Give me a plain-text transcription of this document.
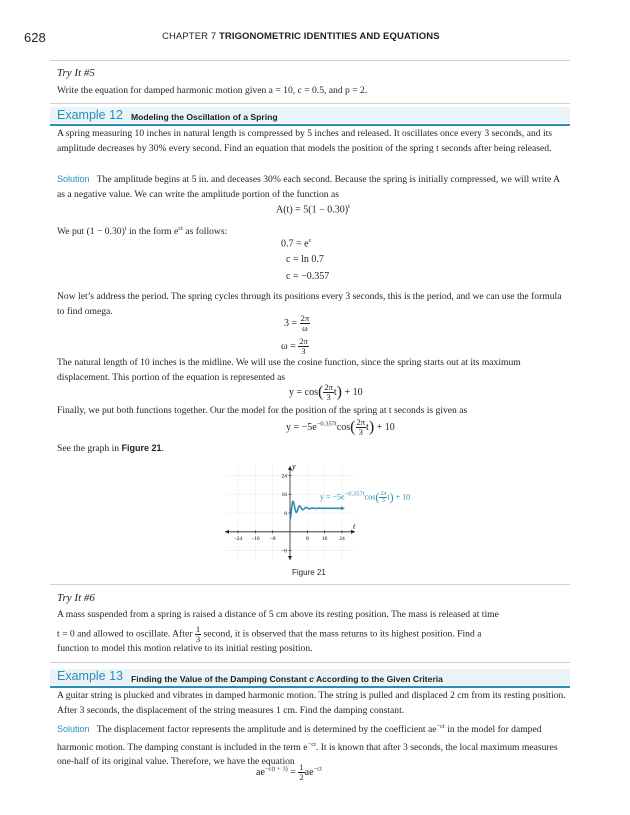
628	CHAPTER 7 TRIGONOMETRIC IDENTITIES AND EQUATIONS
Try It #5
Write the equation for damped harmonic motion given a = 10, c = 0.5, and p = 2.
Example 12 Modeling the Oscillation of a Spring
A spring measuring 10 inches in natural length is compressed by 5 inches and released. It oscillates once every 3 seconds, and its amplitude decreases by 30% every second. Find an equation that models the position of the spring t seconds after being released.
Solution The amplitude begins at 5 in. and deceases 30% each second. Because the spring is initially compressed, we will write A as a negative value. We can write the amplitude portion of the function as
$A(t) = 5(1 - 0.30)^t$
We put $(1 - 0.30)^t$ in the form $e^{ct}$ as follows:
$0.7 = e^c$
c = ln 0.7
c = −0.357
Now let’s address the period. The spring cycles through its positions every 3 seconds, this is the period, and we can use the formula to find omega.
$3 = \frac{2\pi}{\omega}$
$\omega = \frac{2\pi}{3}$
The natural length of 10 inches is the midline. We will use the cosine function, since the spring starts out at its maximum displacement. This portion of the equation is represented as
$y = \cos( \frac{2\pi}{3} t) + 10$
Finally, we put both functions together. Our the model for the position of the spring at t seconds is given as
$y = -5e^{-0.357t}\cos( \frac{2\pi}{3} t) + 10$
See the graph in Figure 21.
−24 −16 −8	8 16 24
24
16
8
−8
t
y
$y = -5e^{-0.357t}\cos( \frac{2\pi}{3} t) + 10$
Figure 21
Try It #6
A mass suspended from a spring is raised a distance of 5 cm above its resting position. The mass is released at time
t = 0 and allowed to oscillate. After $\frac{1}{3}$ second, it is observed that the mass returns to its highest position. Find a
function to model this motion relative to its initial resting position.
Example 13 Finding the Value of the Damping Constant c According to the Given Criteria
A guitar string is plucked and vibrates in damped harmonic motion. The string is pulled and displaced 2 cm from its resting position. After 3 seconds, the displacement of the string measures 1 cm. Find the damping constant.
Solution The displacement factor represents the amplitude and is determined by the coefficient $ae^{-ct}$ in the model for damped harmonic motion. The damping constant is included in the term $e^{-ct}$. It is known that after 3 seconds, the local maximum measures one-half of its original value. Therefore, we have the equation
$ae^{-c(t + 3)} = \frac{1}{2} ae^{-ct}$
